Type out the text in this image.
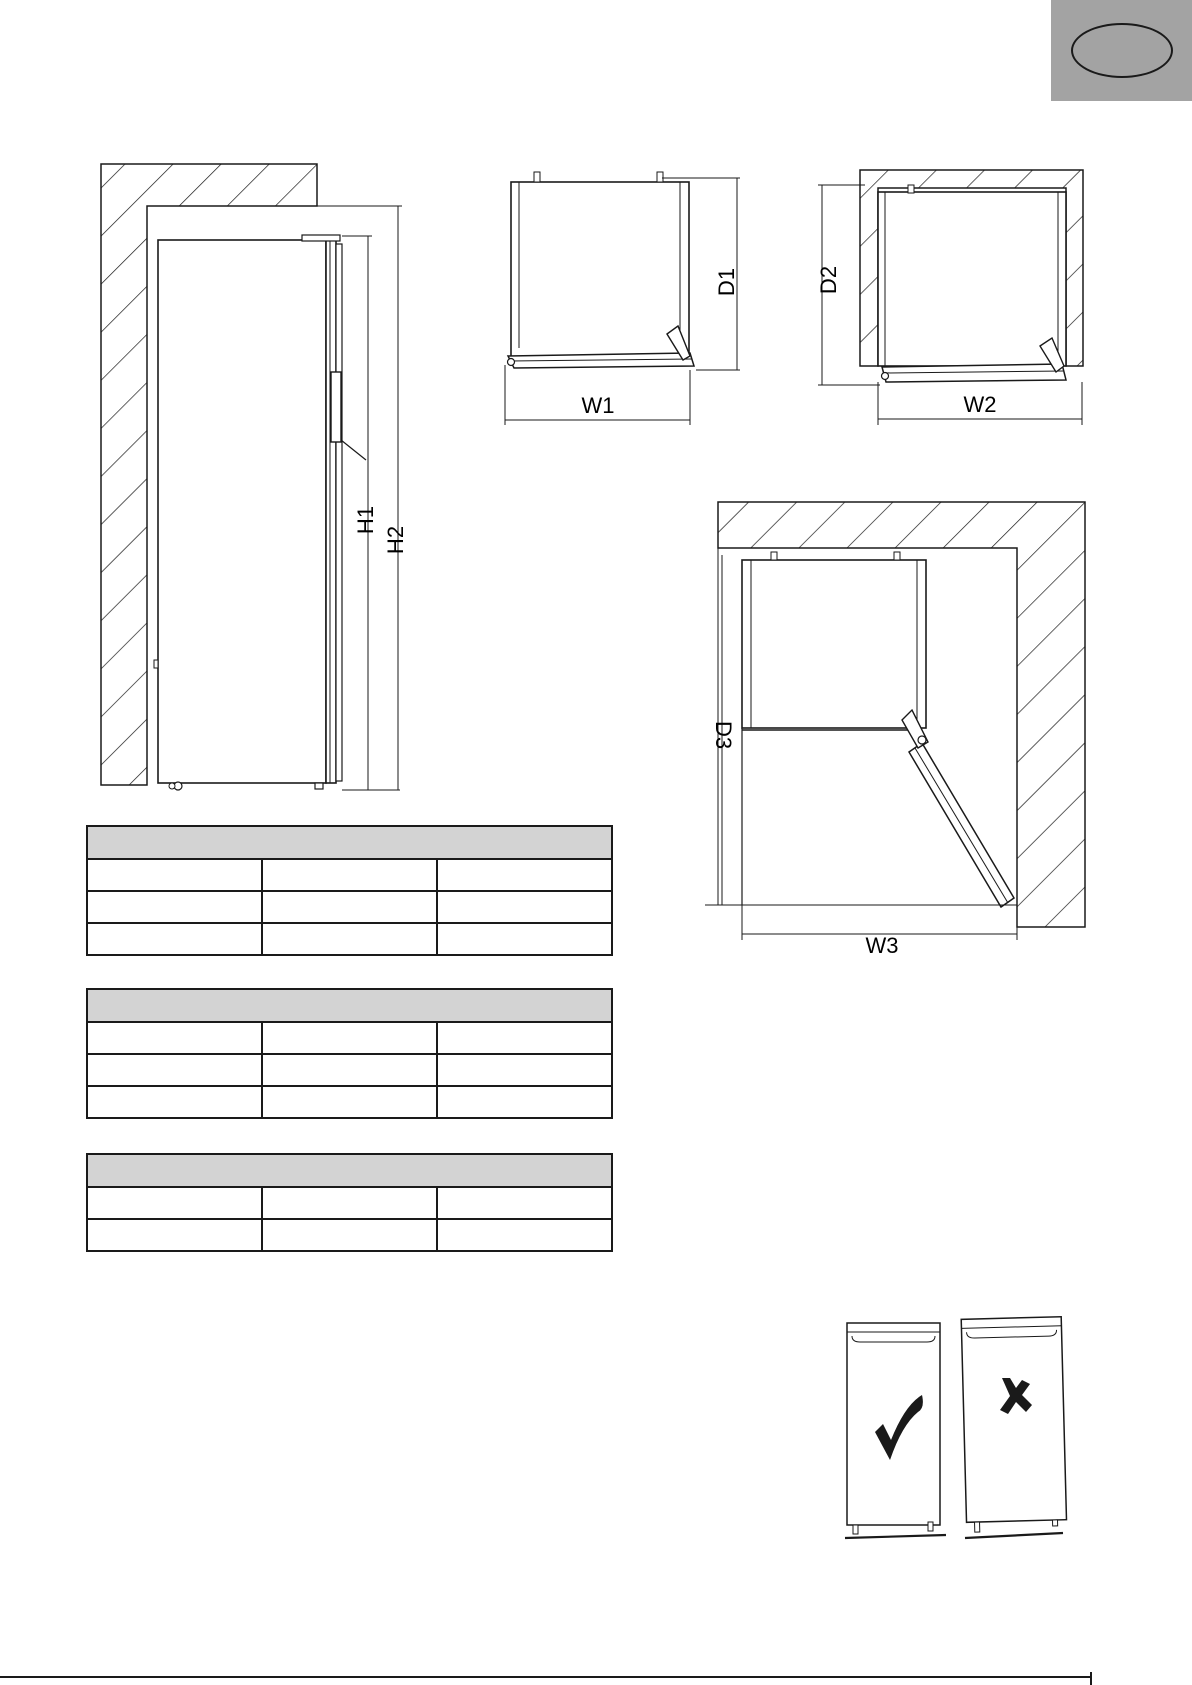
H1
H2
D1
W1
D2
W2
D3
W3
